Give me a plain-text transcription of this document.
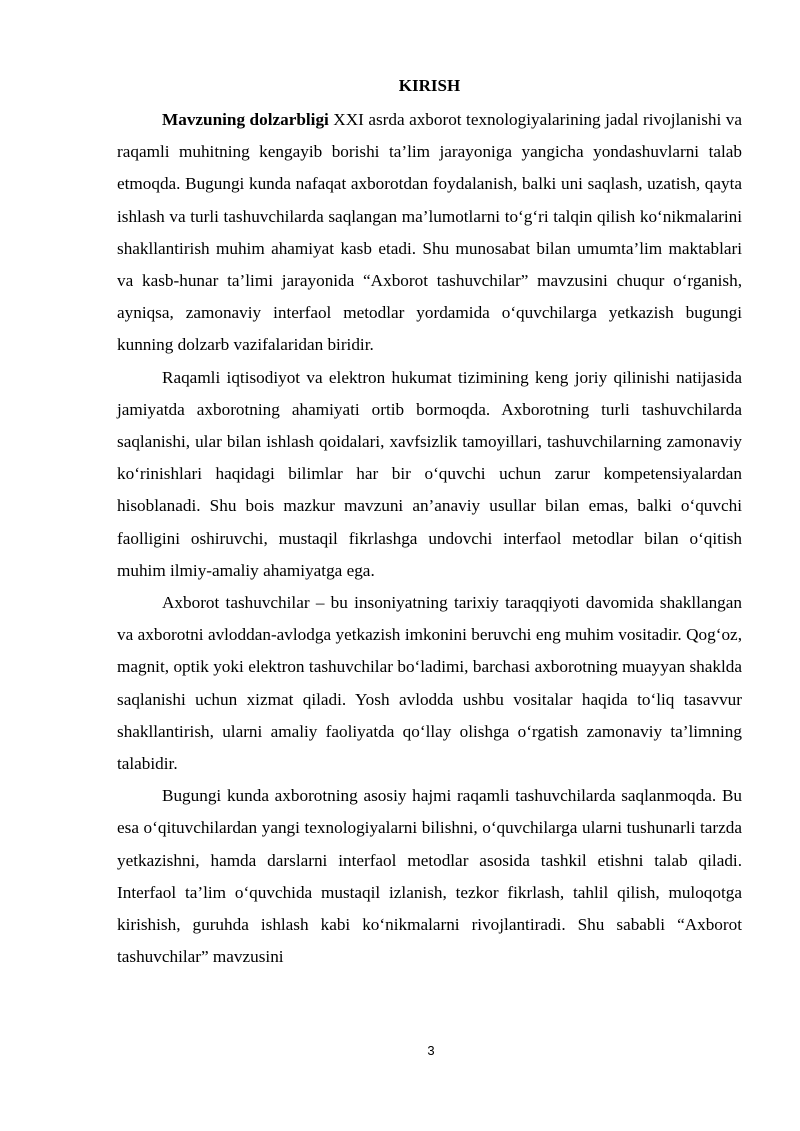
KIRISH

Mavzuning dolzarbligi XXI asrda axborot texnologiyalarining jadal rivojlanishi va raqamli muhitning kengayib borishi ta’lim jarayoniga yangicha yondashuvlarni talab etmoqda. Bugungi kunda nafaqat axborotdan foydalanish, balki uni saqlash, uzatish, qayta ishlash va turli tashuvchilarda saqlangan ma’lumotlarni to‘g‘ri talqin qilish ko‘nikmalarini shakllantirish muhim ahamiyat kasb etadi. Shu munosabat bilan umumta’lim maktablari va kasb-hunar ta’limi jarayonida “Axborot tashuvchilar” mavzusini chuqur o‘rganish, ayniqsa, zamonaviy interfaol metodlar yordamida o‘quvchilarga yetkazish bugungi kunning dolzarb vazifalaridan biridir.

Raqamli iqtisodiyot va elektron hukumat tizimining keng joriy qilinishi natijasida jamiyatda axborotning ahamiyati ortib bormoqda. Axborotning turli tashuvchilarda saqlanishi, ular bilan ishlash qoidalari, xavfsizlik tamoyillari, tashuvchilarning zamonaviy ko‘rinishlari haqidagi bilimlar har bir o‘quvchi uchun zarur kompetensiyalardan hisoblanadi. Shu bois mazkur mavzuni an’anaviy usullar bilan emas, balki o‘quvchi faolligini oshiruvchi, mustaqil fikrlashga undovchi interfaol metodlar bilan o‘qitish muhim ilmiy-amaliy ahamiyatga ega.

Axborot tashuvchilar – bu insoniyatning tarixiy taraqqiyoti davomida shakllangan va axborotni avloddan-avlodga yetkazish imkonini beruvchi eng muhim vositadir. Qog‘oz, magnit, optik yoki elektron tashuvchilar bo‘ladimi, barchasi axborotning muayyan shaklda saqlanishi uchun xizmat qiladi. Yosh avlodda ushbu vositalar haqida to‘liq tasavvur shakllantirish, ularni amaliy faoliyatda qo‘llay olishga o‘rgatish zamonaviy ta’limning talabidir.

Bugungi kunda axborotning asosiy hajmi raqamli tashuvchilarda saqlanmoqda. Bu esa o‘qituvchilardan yangi texnologiyalarni bilishni, o‘quvchilarga ularni tushunarli tarzda yetkazishni, hamda darslarni interfaol metodlar asosida tashkil etishni talab qiladi. Interfaol ta’lim o‘quvchida mustaqil izlanish, tezkor fikrlash, tahlil qilish, muloqotga kirishish, guruhda ishlash kabi ko‘nikmalarni rivojlantiradi. Shu sababli “Axborot tashuvchilar” mavzusini

3
